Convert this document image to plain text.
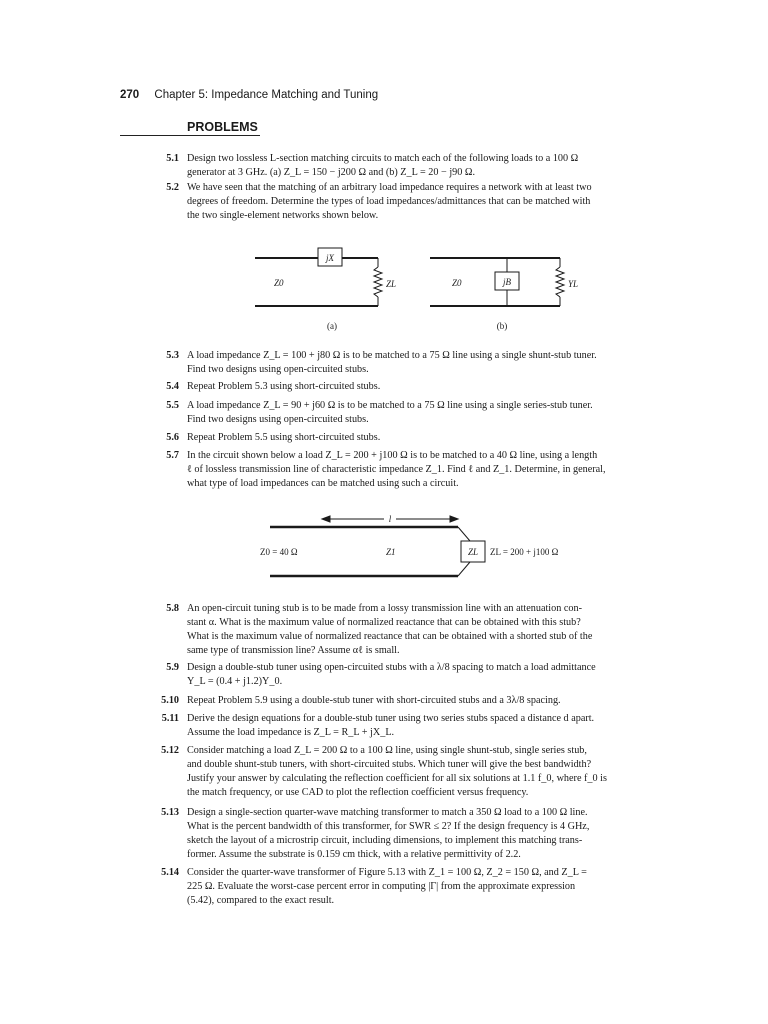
270 Chapter 5: Impedance Matching and Tuning
PROBLEMS
5.1 Design two lossless L-section matching circuits to match each of the following loads to a 100 Ω
generator at 3 GHz. (a) Z_L = 150 − j200 Ω and (b) Z_L = 20 − j90 Ω.
5.2 We have seen that the matching of an arbitrary load impedance requires a network with at least two
degrees of freedom. Determine the types of load impedances/admittances that can be matched with
the two single-element networks shown below.
jX
Z0	ZL	jB
Z0	YL
(a)	(b)
5.3 A load impedance Z_L = 100 + j80 Ω is to be matched to a 75 Ω line using a single shunt-stub tuner.
Find two designs using open-circuited stubs.
5.4 Repeat Problem 5.3 using short-circuited stubs.
5.5 A load impedance Z_L = 90 + j60 Ω is to be matched to a 75 Ω line using a single series-stub tuner.
Find two designs using open-circuited stubs.
5.6 Repeat Problem 5.5 using short-circuited stubs.
5.7 In the circuit shown below a load Z_L = 200 + j100 Ω is to be matched to a 40 Ω line, using a length
ℓ of lossless transmission line of characteristic impedance Z_1. Find ℓ and Z_1. Determine, in general,
what type of load impedances can be matched using such a circuit.
l
Z0 = 40 Ω	Z1	ZL ZL = 200 + j100 Ω
5.8 An open-circuit tuning stub is to be made from a lossy transmission line with an attenuation con-
stant α. What is the maximum value of normalized reactance that can be obtained with this stub?
What is the maximum value of normalized reactance that can be obtained with a shorted stub of the
same type of transmission line? Assume αℓ is small.
5.9 Design a double-stub tuner using open-circuited stubs with a λ/8 spacing to match a load admittance
Y_L = (0.4 + j1.2)Y_0.
5.10 Repeat Problem 5.9 using a double-stub tuner with short-circuited stubs and a 3λ/8 spacing.
5.11 Derive the design equations for a double-stub tuner using two series stubs spaced a distance d apart.
Assume the load impedance is Z_L = R_L + jX_L.
5.12 Consider matching a load Z_L = 200 Ω to a 100 Ω line, using single shunt-stub, single series stub,
and double shunt-stub tuners, with short-circuited stubs. Which tuner will give the best bandwidth?
Justify your answer by calculating the reflection coefficient for all six solutions at 1.1 f_0, where f_0 is
the match frequency, or use CAD to plot the reflection coefficient versus frequency.
5.13 Design a single-section quarter-wave matching transformer to match a 350 Ω load to a 100 Ω line.
What is the percent bandwidth of this transformer, for SWR ≤ 2? If the design frequency is 4 GHz,
sketch the layout of a microstrip circuit, including dimensions, to implement this matching trans-
former. Assume the substrate is 0.159 cm thick, with a relative permittivity of 2.2.
5.14 Consider the quarter-wave transformer of Figure 5.13 with Z_1 = 100 Ω, Z_2 = 150 Ω, and Z_L =
225 Ω. Evaluate the worst-case percent error in computing |Γ| from the approximate expression
(5.42), compared to the exact result.
